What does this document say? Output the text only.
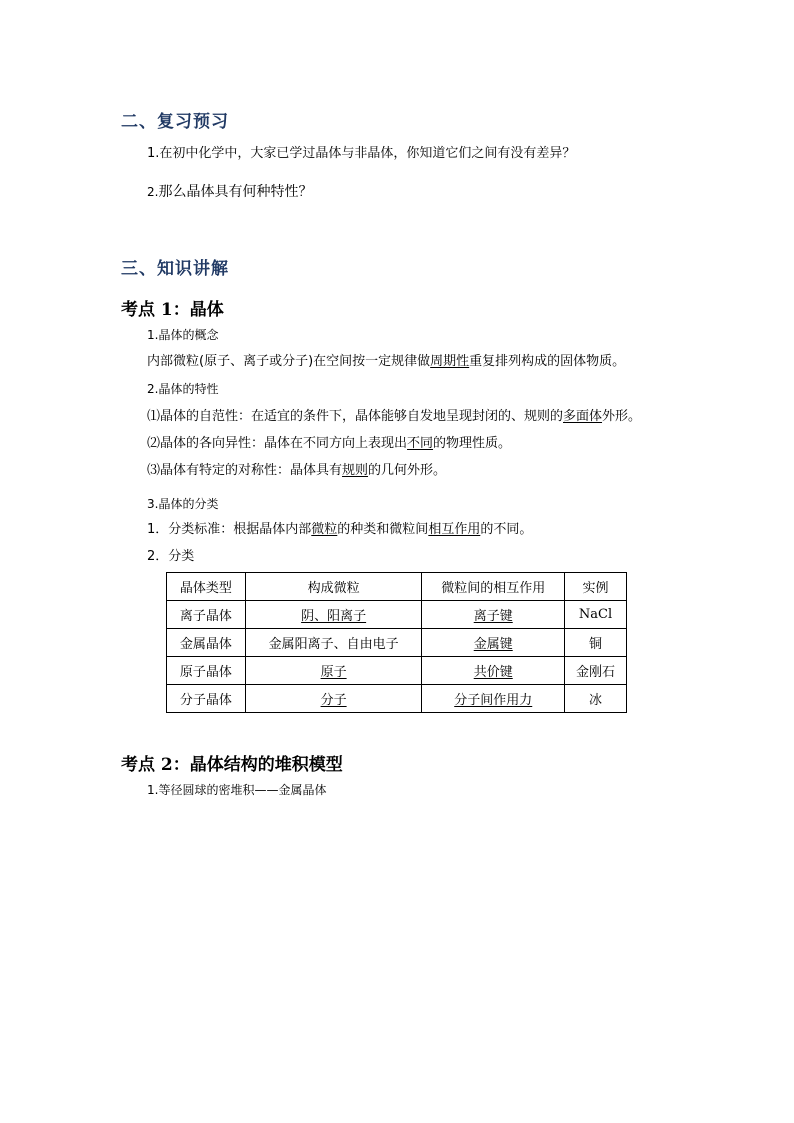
二、复习预习
1.在初中化学中，大家已学过晶体与非晶体，你知道它们之间有没有差异？
2.那么晶体具有何种特性？
三、知识讲解
考点 1：晶体
1.晶体的概念
内部微粒(原子、离子或分子)在空间按一定规律做周期性重复排列构成的固体物质。
2.晶体的特性
⑴晶体的自范性：在适宜的条件下，晶体能够自发地呈现封闭的、规则的多面体外形。
⑵晶体的各向异性：晶体在不同方向上表现出不同的物理性质。
⑶晶体有特定的对称性：晶体具有规则的几何外形。
3.晶体的分类
1．分类标准：根据晶体内部微粒的种类和微粒间相互作用的不同。
2．分类
晶体类型	构成微粒	微粒间的相互作用	实例
离子晶体	阴、阳离子	离子键	NaCl
金属晶体	金属阳离子、自由电子	金属键	铜
原子晶体	原子	共价键	金刚石
分子晶体	分子	分子间作用力	冰
考点 2：晶体结构的堆积模型
1.等径圆球的密堆积——金属晶体
